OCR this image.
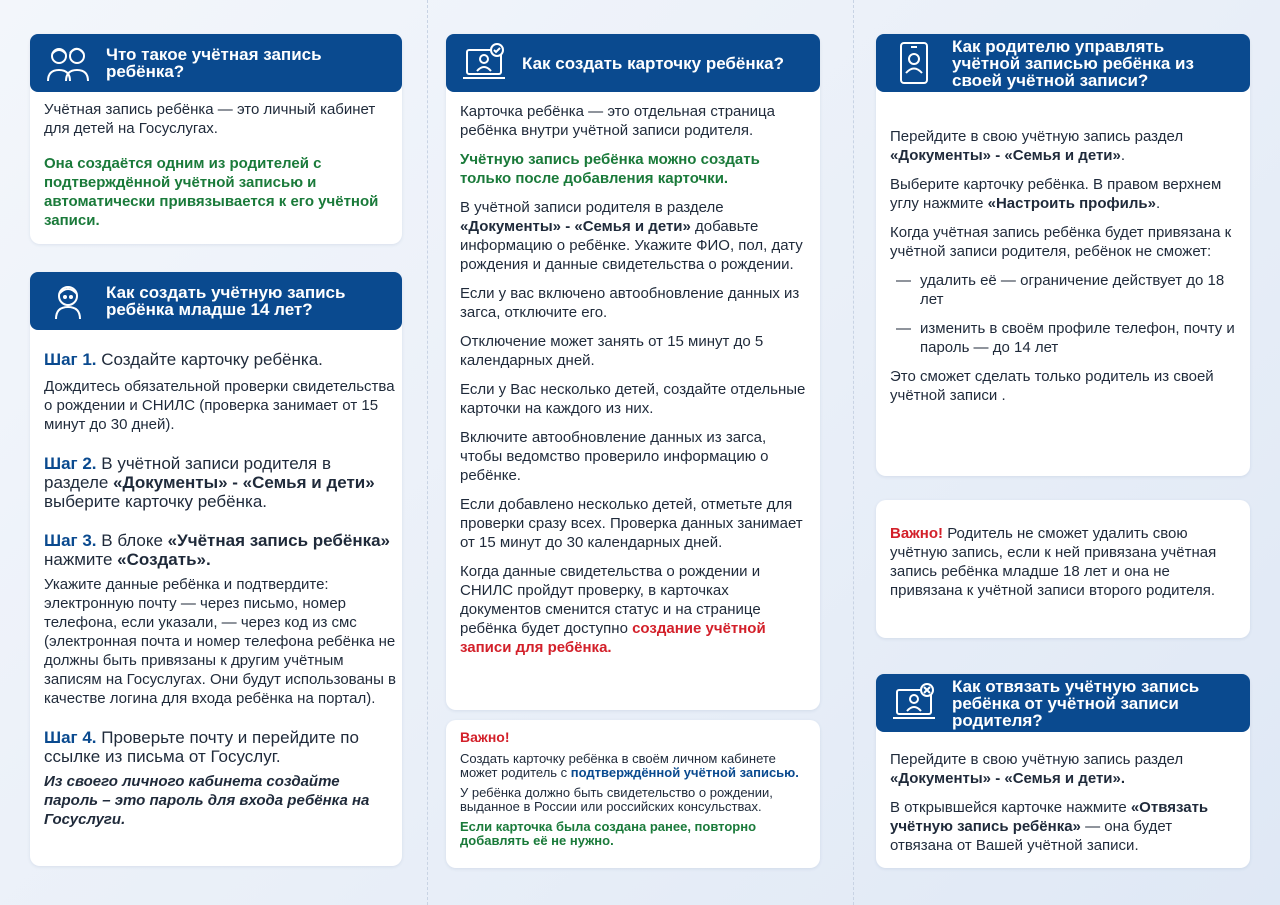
Что такое учётная запись ребёнка?

Учётная запись ребёнка — это личный кабинет для детей на Госуслугах.

Она создаётся одним из родителей с подтверждённой учётной записью и автоматически привязывается к его учётной записи.

Как создать учётную запись ребёнка младше 14 лет?
Шаг 1. Создайте карточку ребёнка.

Дождитесь обязательной проверки свидетельства о рождении и СНИЛС (проверка занимает от 15 минут до 30 дней).

Шаг 2. В учётной записи родителя в разделе «Документы» - «Семья и дети» выберите карточку ребёнка.
Шаг 3. В блоке «Учётная запись ребёнка» нажмите «Создать».

Укажите данные ребёнка и подтвердите: электронную почту — через письмо, номер телефона, если указали, — через код из смс (электронная почта и номер телефона ребёнка не должны быть привязаны к другим учётным записям на Госуслугах. Они будут использованы в качестве логина для входа ребёнка на портал).

Шаг 4. Проверьте почту и перейдите по ссылке из письма от Госуслуг.

Из своего личного кабинета создайте пароль – это пароль для входа ребёнка на Госуслуги.

Как создать карточку ребёнка?

Карточка ребёнка — это отдельная страница ребёнка внутри учётной записи родителя.

Учётную запись ребёнка можно создать только после добавления карточки.

В учётной записи родителя в разделе «Документы» - «Семья и дети» добавьте информацию о ребёнке. Укажите ФИО, пол, дату рождения и данные свидетельства о рождении.

Если у вас включено автообновление данных из загса, отключите его.

Отключение может занять от 15 минут до 5 календарных дней.

Если у Вас несколько детей, создайте отдельные карточки на каждого из них.

Включите автообновление данных из загса, чтобы ведомство проверило информацию о ребёнке.

Если добавлено несколько детей, отметьте для проверки сразу всех. Проверка данных занимает от 15 минут до 30 календарных дней.

Когда данные свидетельства о рождении и СНИЛС пройдут проверку, в карточках документов сменится статус и на странице ребёнка будет доступно создание учётной записи для ребёнка.

Важно!

Создать карточку ребёнка в своём личном кабинете может родитель с подтверждённой учётной записью.

У ребёнка должно быть свидетельство о рождении, выданное в России или российских консульствах.

Если карточка была создана ранее, повторно добавлять её не нужно.

Как родителю управлять учётной записью ребёнка из своей учётной записи?

Перейдите в свою учётную запись раздел «Документы» - «Семья и дети».

Выберите карточку ребёнка. В правом верхнем углу нажмите «Настроить профиль».

Когда учётная запись ребёнка будет привязана к учётной записи родителя, ребёнок не сможет:

— удалить её — ограничение действует до 18 лет
— изменить в своём профиле телефон, почту и пароль — до 14 лет

Это сможет сделать только родитель из своей учётной записи .

Важно! Родитель не сможет удалить свою учётную запись, если к ней привязана учётная запись ребёнка младше 18 лет и она не привязана к учётной записи второго родителя.

Как отвязать учётную запись ребёнка от учётной записи родителя?

Перейдите в свою учётную запись раздел «Документы» - «Семья и дети».

В открывшейся карточке нажмите «Отвязать учётную запись ребёнка» — она будет отвязана от Вашей учётной записи.
